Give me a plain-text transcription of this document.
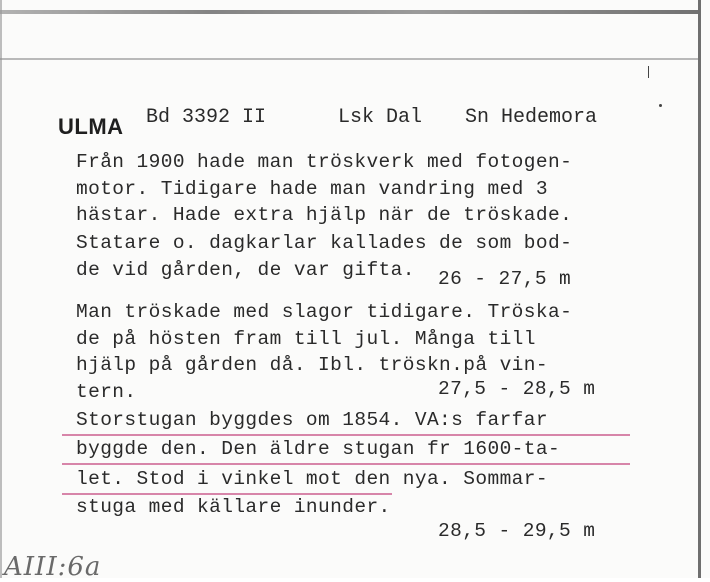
ULMA Bd 3392 II	Lsk Dal Sn Hedemora
Från 1900 hade man tröskverk med fotogen-
motor. Tidigare hade man vandring med 3
hästar. Hade extra hjälp när de tröskade.
Statare o. dagkarlar kallades de som bod-
de vid gården, de var gifta. 26 - 27,5 m
Man tröskade med slagor tidigare. Tröska-
de på hösten fram till jul. Många till
hjälp på gården då. Ibl. tröskn.på vin-
tern.	27,5 - 28,5 m
Storstugan byggdes om 1854. VA:s farfar
byggde den. Den äldre stugan fr 1600-ta-
let. Stod i vinkel mot den nya. Sommar-
stuga med källare inunder.
28,5 - 29,5 m
AIII:6a
